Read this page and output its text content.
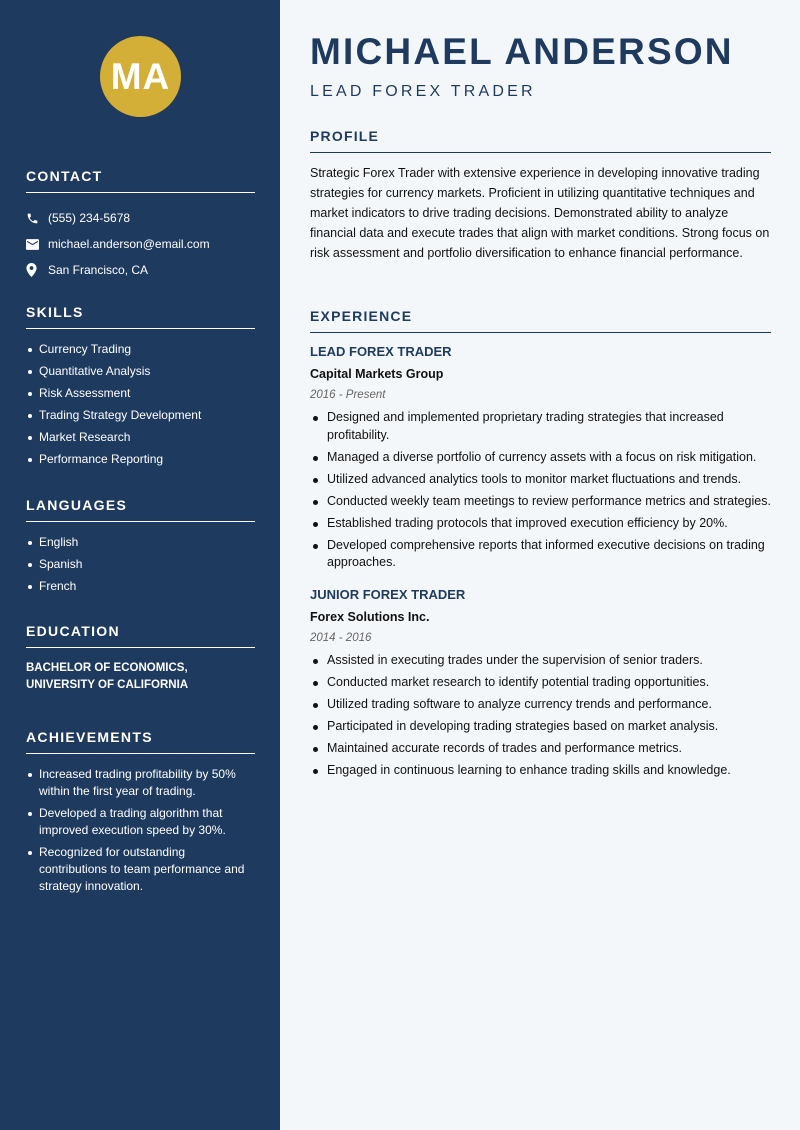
MA
CONTACT
(555) 234-5678
michael.anderson@email.com
San Francisco, CA
SKILLS
Currency Trading
Quantitative Analysis
Risk Assessment
Trading Strategy Development
Market Research
Performance Reporting
LANGUAGES
English
Spanish
French
EDUCATION
BACHELOR OF ECONOMICS,
UNIVERSITY OF CALIFORNIA
ACHIEVEMENTS
Increased trading profitability by 50% within the first year of trading.
Developed a trading algorithm that improved execution speed by 30%.
Recognized for outstanding contributions to team performance and strategy innovation.
MICHAEL ANDERSON
LEAD FOREX TRADER
PROFILE

Strategic Forex Trader with extensive experience in developing innovative trading strategies for currency markets. Proficient in utilizing quantitative techniques and market indicators to drive trading decisions. Demonstrated ability to analyze financial data and execute trades that align with market conditions. Strong focus on risk assessment and portfolio diversification to enhance financial performance.

EXPERIENCE
LEAD FOREX TRADER
Capital Markets Group
2016 - Present
Designed and implemented proprietary trading strategies that increased profitability.
Managed a diverse portfolio of currency assets with a focus on risk mitigation.
Utilized advanced analytics tools to monitor market fluctuations and trends.
Conducted weekly team meetings to review performance metrics and strategies.
Established trading protocols that improved execution efficiency by 20%.
Developed comprehensive reports that informed executive decisions on trading approaches.
JUNIOR FOREX TRADER
Forex Solutions Inc.
2014 - 2016
Assisted in executing trades under the supervision of senior traders.
Conducted market research to identify potential trading opportunities.
Utilized trading software to analyze currency trends and performance.
Participated in developing trading strategies based on market analysis.
Maintained accurate records of trades and performance metrics.
Engaged in continuous learning to enhance trading skills and knowledge.
